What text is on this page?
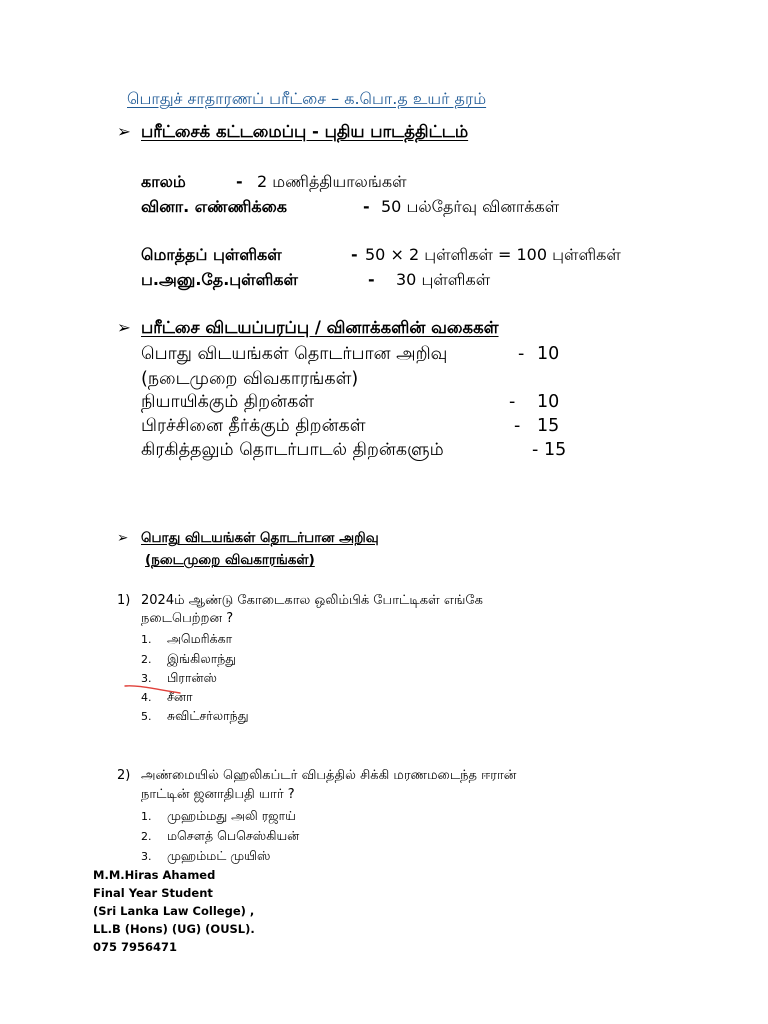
பொதுச் சாதாரணப் பரீட்சை – க.பொ.த உயர் தரம்
➢ பரீட்சைக் கட்டமைப்பு - புதிய பாடத்திட்டம்
காலம்	- 2 மணித்தியாலங்கள்
வினா. எண்ணிக்கை	- 50 பல்தேர்வு வினாக்கள்
மொத்தப் புள்ளிகள்	- 50 × 2 புள்ளிகள் = 100 புள்ளிகள்
ப.அனு.தே.புள்ளிகள்	- 30 புள்ளிகள்
➢ பரீட்சை விடயப்பரப்பு / வினாக்களின் வகைகள்
பொது விடயங்கள் தொடர்பான அறிவு	- 10
(நடைமுறை விவகாரங்கள்)
நியாயிக்கும் திறன்கள்	- 10
பிரச்சினை தீர்க்கும் திறன்கள்	- 15
கிரகித்தலும் தொடர்பாடல் திறன்களும்	- 15
➢ பொது விடயங்கள் தொடர்பான அறிவு
(நடைமுறை விவகாரங்கள்)
1) 2024ம் ஆண்டு கோடைகால ஒலிம்பிக் போட்டிகள் எங்கே
நடைபெற்றன ?
1. அமெரிக்கா
2. இங்கிலாந்து
3. பிரான்ஸ்
4. சீனா
5. சுவிட்சர்லாந்து
2) அண்மையில் ஹெலிகப்டர் விபத்தில் சிக்கி மரணமடைந்த ஈரான்
நாட்டின் ஜனாதிபதி யார் ?
1. முஹம்மது அலி ரஜாய்
2. மசௌத் பெசெஸ்கியன்
3. முஹம்மட் முயிஸ்
M.M.Hiras Ahamed
Final Year Student
(Sri Lanka Law College) ,
LL.B (Hons) (UG) (OUSL).
075 7956471
